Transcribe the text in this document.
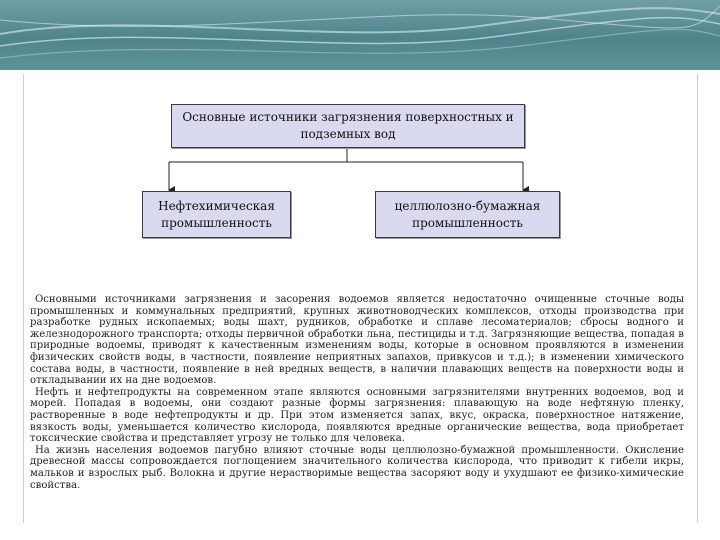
Основные источники загрязнения поверхностных и подземных вод
Нефтехимическая промышленность
целлюлозно-бумажная промышленность

Основными источниками загрязнения и засорения водоемов является недостаточно очищенные сточные воды промышленных и коммунальных предприятий, крупных животноводческих комплексов, отходы производства при разработке рудных ископаемых; воды шахт, рудников, обработке и сплаве лесоматериалов; сбросы водного и железнодорожного транспорта; отходы первичной обработки льна, пестициды и т.д. Загрязняющие вещества, попадая в природные водоемы, приводят к качественным изменениям воды, которые в основном проявляются в изменении физических свойств воды, в частности, появление неприятных запахов, привкусов и т.д.); в изменении химического состава воды, в частности, появление в ней вредных веществ, в наличии плавающих веществ на поверхности воды и откладывании их на дне водоемов.

Нефть и нефтепродукты на современном этапе являются основными загрязнителями внутренних водоемов, вод и морей. Попадая в водоемы, они создают разные формы загрязнения: плавающую на воде нефтяную пленку, растворенные в воде нефтепродукты и др. При этом изменяется запах, вкус, окраска, поверхностное натяжение, вязкость воды, уменьшается количество кислорода, появляются вредные органические вещества, вода приобретает токсические свойства и представляет угрозу не только для человека.

На жизнь населения водоемов пагубно влияют сточные воды целлюлозно-бумажной промышленности. Окисление древесной массы сопровождается поглощением значительного количества кислорода, что приводит к гибели икры, мальков и взрослых рыб. Волокна и другие нерастворимые вещества засоряют воду и ухудшают ее физико-химические свойства.
